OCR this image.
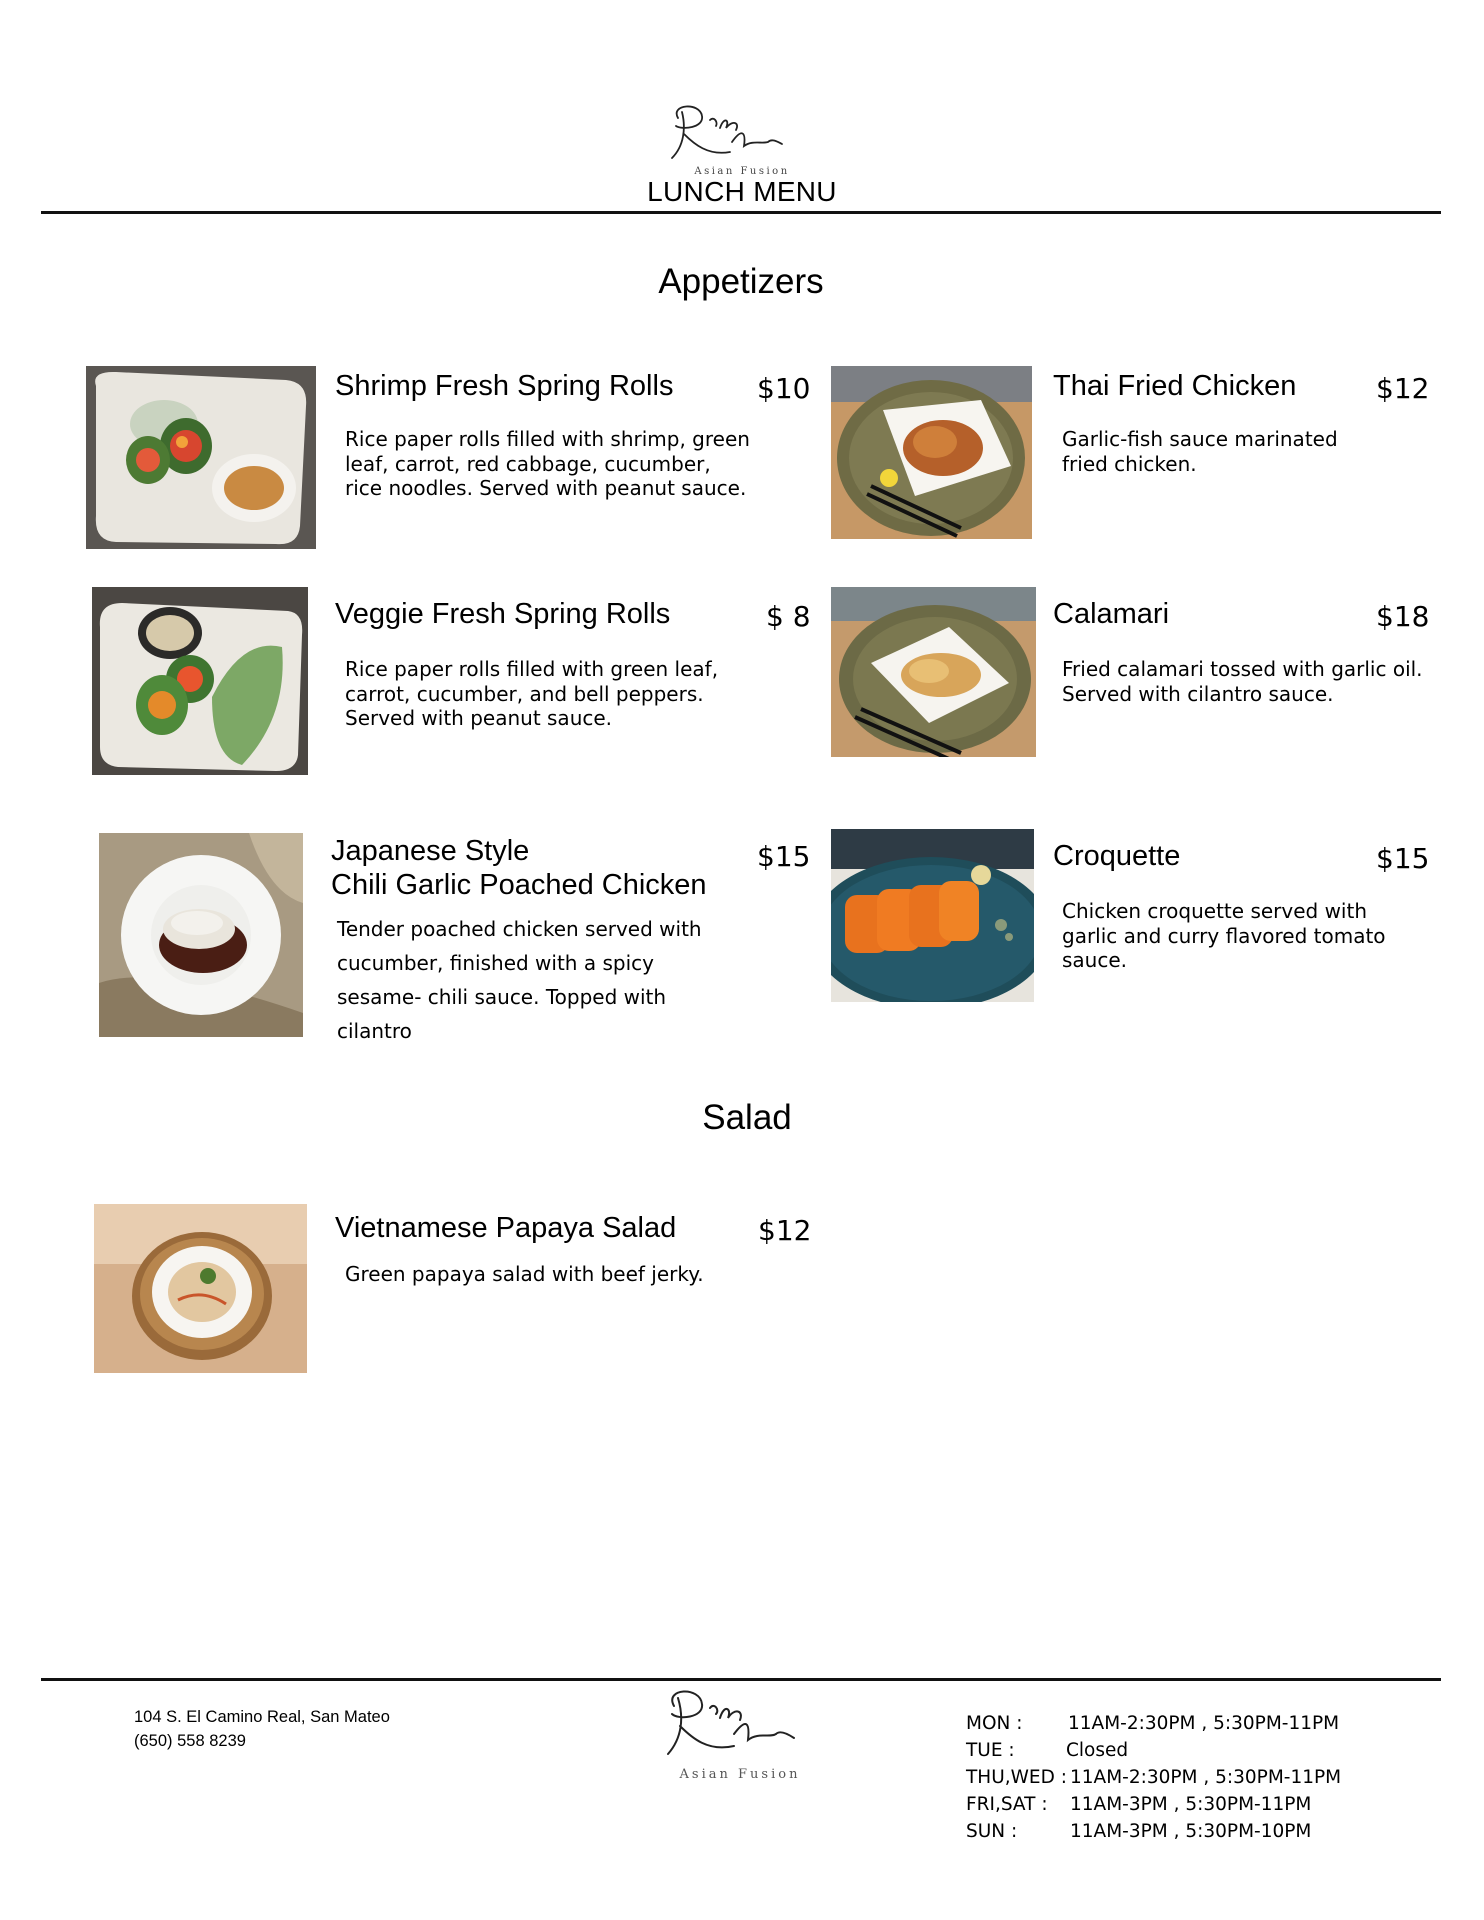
Asian Fusion
LUNCH MENU
Appetizers
Shrimp Fresh Spring Rolls	$10
Rice paper rolls filled with shrimp, green leaf, carrot, red cabbage, cucumber, rice noodles. Served with peanut sauce.
Thai Fried Chicken	$12
Garlic-fish sauce marinated fried chicken.
Veggie Fresh Spring Rolls	$ 8
Rice paper rolls filled with green leaf, carrot, cucumber, and bell peppers. Served with peanut sauce.
Calamari	$18
Fried calamari tossed with garlic oil. Served with cilantro sauce.
Japanese Style
Chili Garlic Poached Chicken
$15
Tender poached chicken served with cucumber, finished with a spicy sesame- chili sauce. Topped with cilantro
Croquette	$15
Chicken croquette served with garlic and curry flavored tomato sauce.
Salad
Vietnamese Papaya Salad	$12
Green papaya salad with beef jerky.
104 S. El Camino Real, San Mateo
(650) 558 8239
Asian Fusion
MON :	11AM-2:30PM , 5:30PM-11PM
TUE :	Closed
THU,WED : 11AM-2:30PM , 5:30PM-11PM
FRI,SAT :	11AM-3PM , 5:30PM-11PM
SUN :	11AM-3PM , 5:30PM-10PM
